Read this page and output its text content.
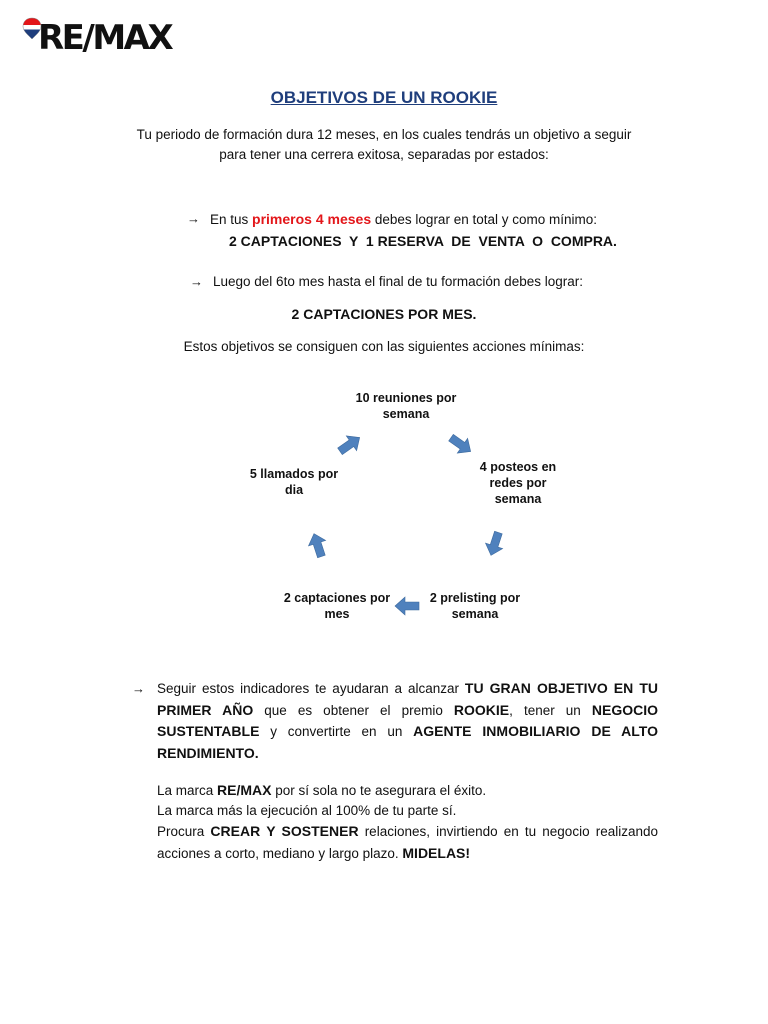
RE/MAX
OBJETIVOS DE UN ROOKIE
Tu periodo de formación dura 12 meses, en los cuales tendrás un objetivo a seguir
para tener una cerrera exitosa, separadas por estados:
→ En tus primeros 4 meses debes lograr en total y como mínimo:
2 CAPTACIONES  Y  1 RESERVA  DE  VENTA  O  COMPRA.
→ Luego del 6to mes hasta el final de tu formación debes lograr:
2 CAPTACIONES POR MES.
Estos objetivos se consiguen con las siguientes acciones mínimas:
10 reuniones por
semana
4 posteos en
redes por
semana
2 prelisting por
semana
2 captaciones por
mes
5 llamados por
dia
→ Seguir estos indicadores te ayudaran a alcanzar TU GRAN OBJETIVO EN TU PRIMER AÑO que es obtener el premio ROOKIE, tener un NEGOCIO SUSTENTABLE y convertirte en un AGENTE INMOBILIARIO DE ALTO RENDIMIENTO.
La marca RE/MAX por sí sola no te asegurara el éxito.
La marca más la ejecución al 100% de tu parte sí.
Procura CREAR Y SOSTENER relaciones, invirtiendo en tu negocio realizando acciones a corto, mediano y largo plazo. MIDELAS!
